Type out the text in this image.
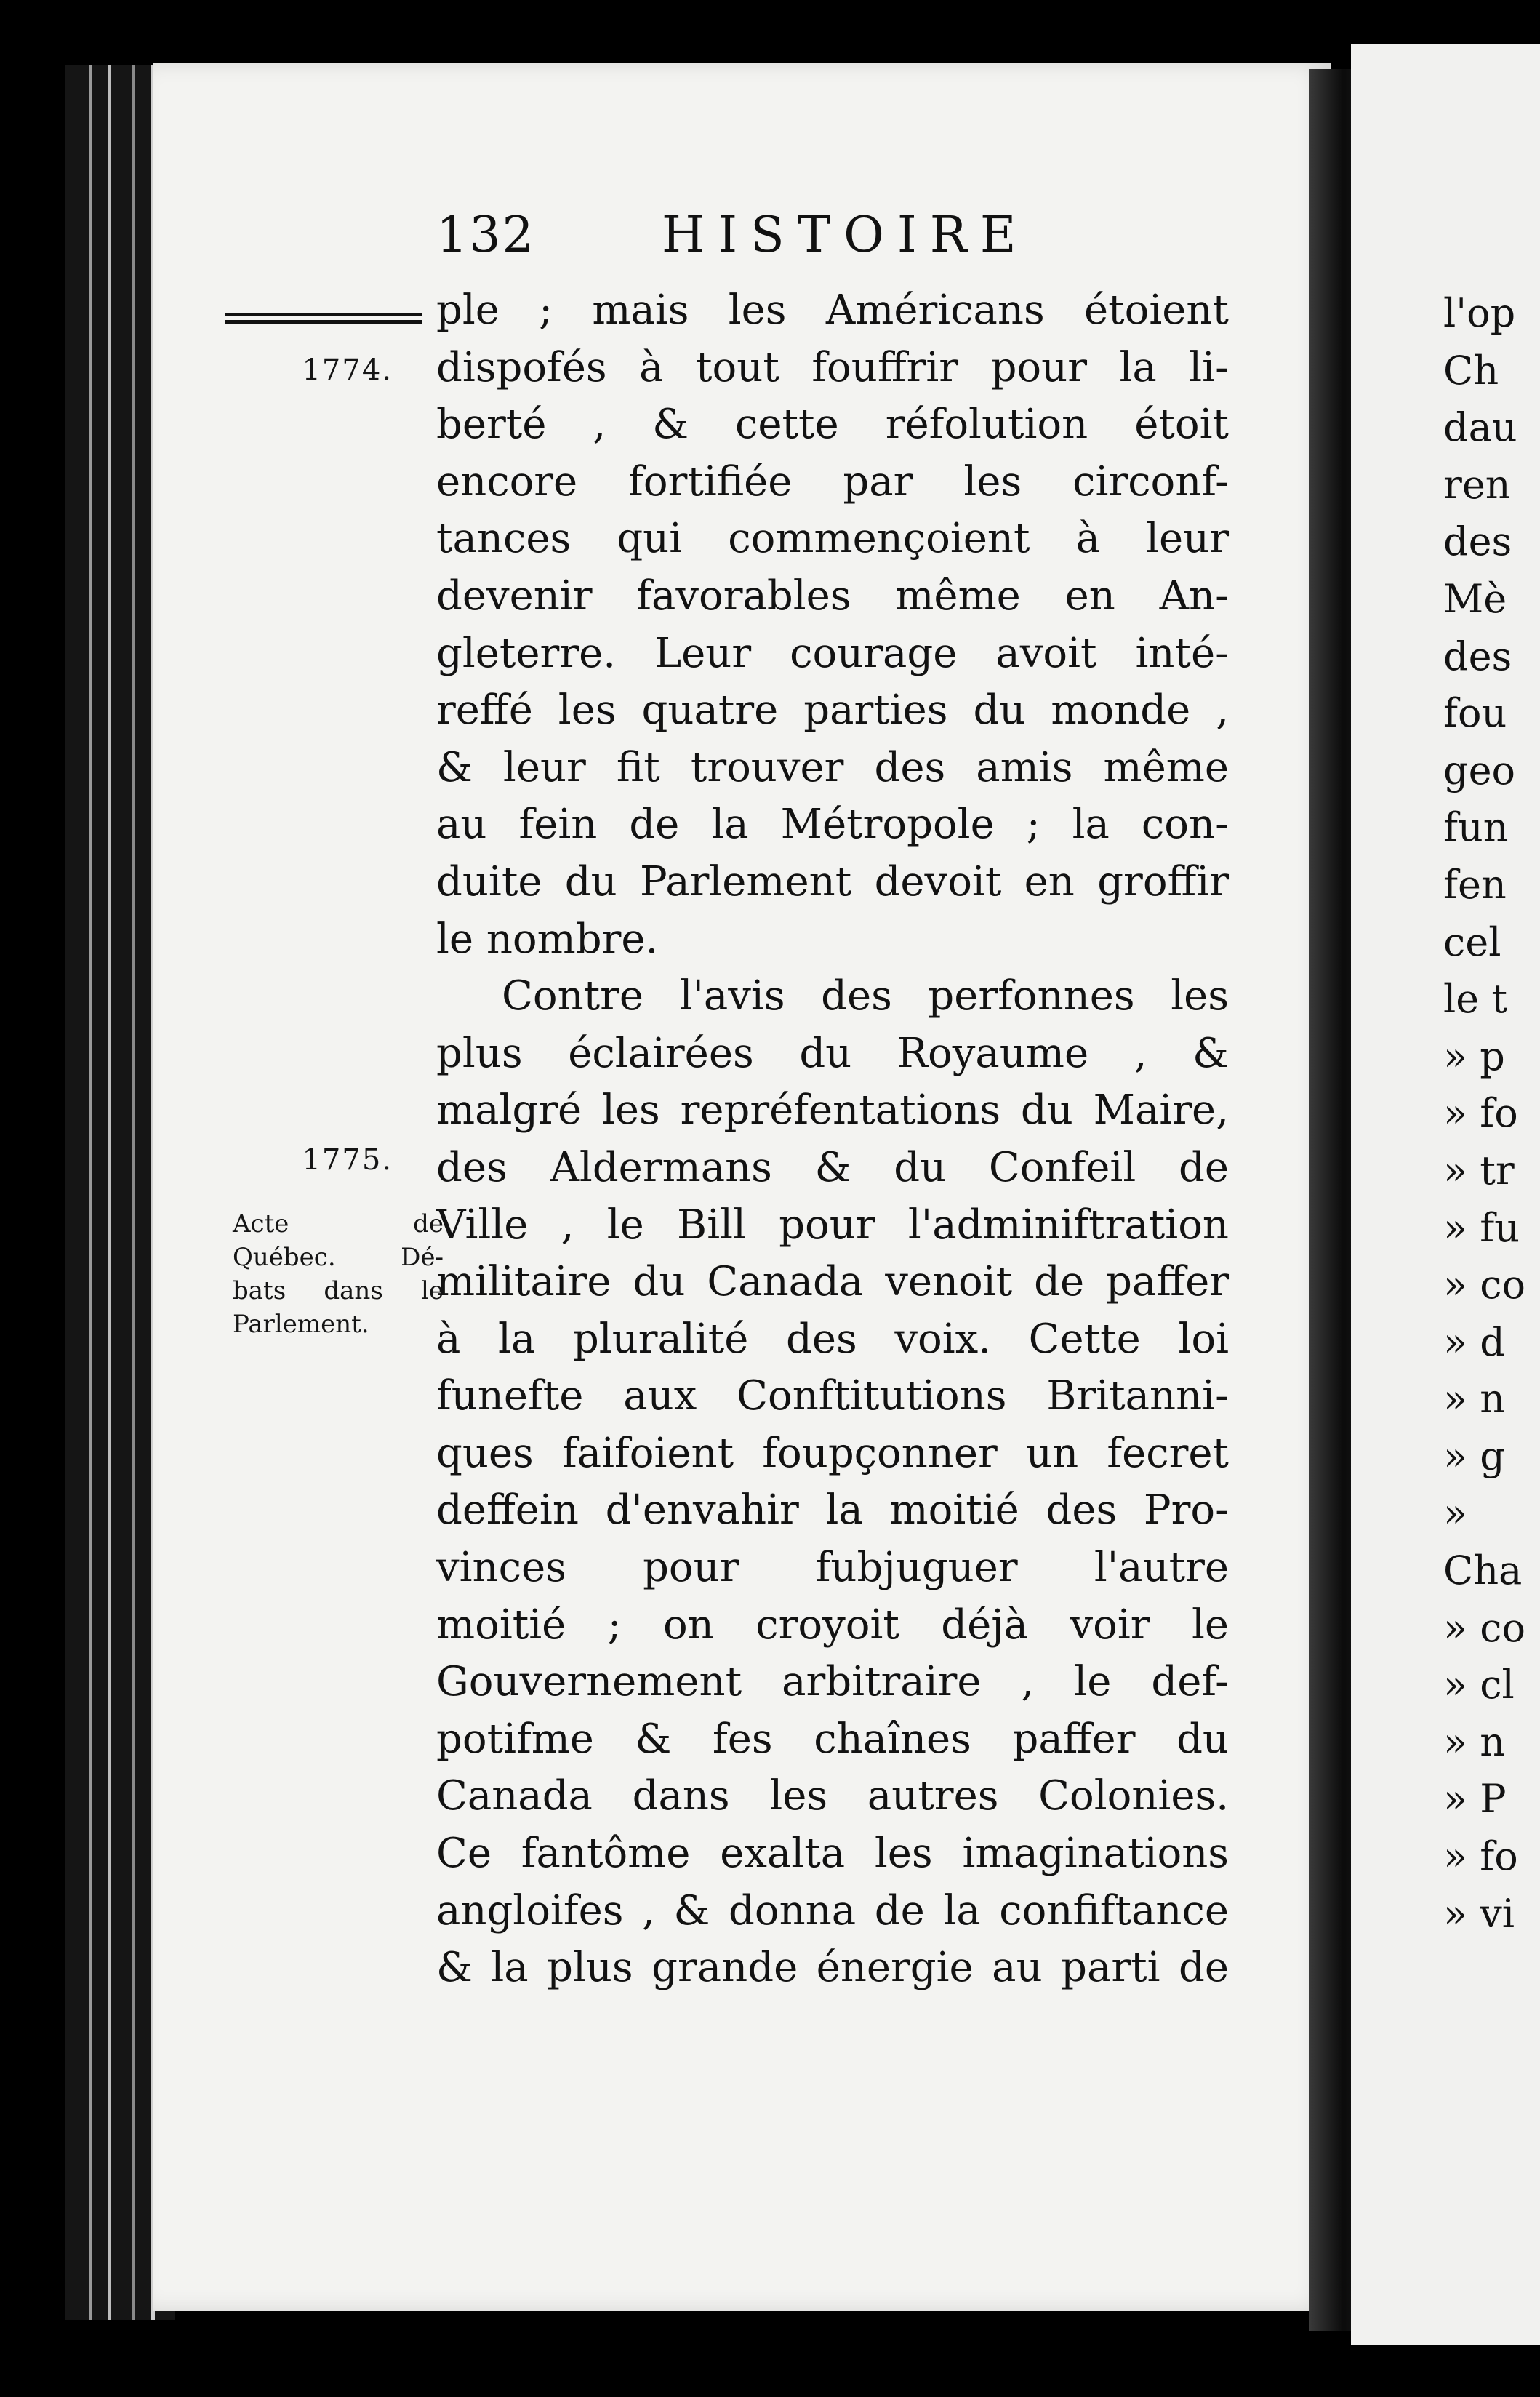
132	HISTOIRE
1774.
1775.
Acte de
Québec. Dé-
bats dans le
Parlement.
ple ; mais les Américans étoient
dispofés à tout fouffrir pour la li-
berté , & cette réfolution étoit
encore fortifiée par les circonf-
tances qui commençoient à leur
devenir favorables même en An-
gleterre. Leur courage avoit inté-
reffé les quatre parties du monde ,
& leur fit trouver des amis même
au fein de la Métropole ; la con-
duite du Parlement devoit en groffir
le nombre.
Contre l'avis des perfonnes les
plus éclairées du Royaume , &
malgré les repréfentations du Maire,
des Aldermans & du Confeil de
Ville , le Bill pour l'adminiftration
militaire du Canada venoit de paffer
à la pluralité des voix. Cette loi
funefte aux Conftitutions Britanni-
ques faifoient foupçonner un fecret
deffein d'envahir la moitié des Pro-
vinces pour fubjuguer l'autre
moitié ; on croyoit déjà voir le
Gouvernement arbitraire , le def-
potifme & fes chaînes paffer du
Canada dans les autres Colonies.
Ce fantôme exalta les imaginations
angloifes , & donna de la confiftance
& la plus grande énergie au parti de
l'op
Ch
dau
ren
des
Mè
des
fou
geo
fun
fen
cel
le t
» p
» fo
» tr
» fu
» co
» d
» n
» g
»
Cha
» co
» cl
» n
» P
» fo
» vi
